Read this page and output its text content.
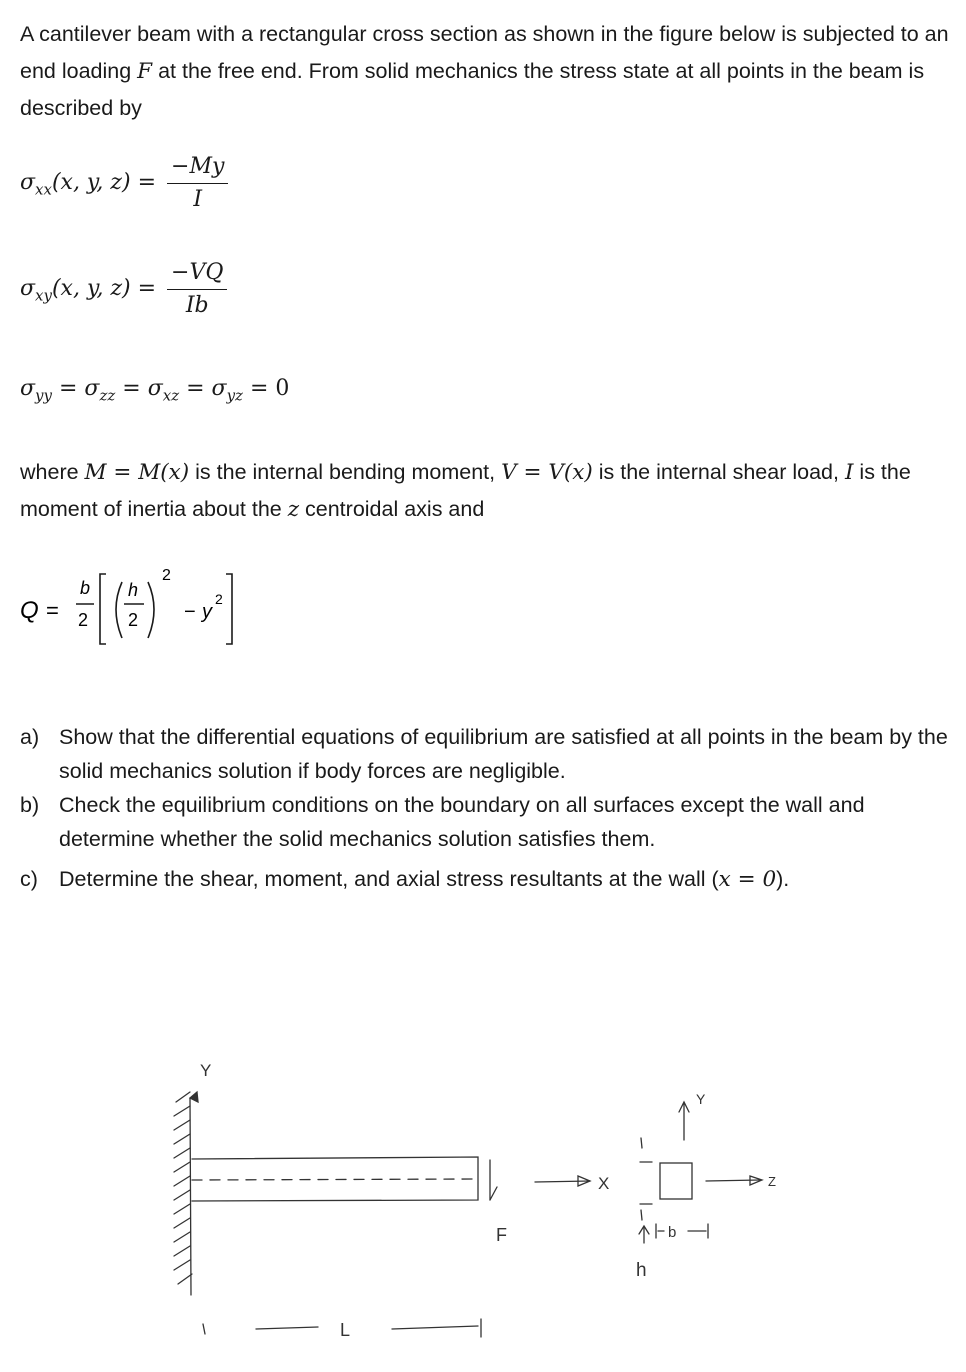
A cantilever beam with a rectangular cross section as shown in the figure below is subjected to an end loading F at the free end. From solid mechanics the stress state at all points in the beam is described by

$\sigma_{xx}(x$, y, $z) = \frac{-My}{I}$
$\sigma_{xy}(x$, y, $z) = \frac{-VQ}{Ib}$
$\sigma_{yy} = \sigma_{zz} = \sigma_{xz} = \sigma_{yz} = 0$

where M = M(x) is the internal bending moment, V = V(x) is the internal shear load, I is the moment of inertia about the z centroidal axis and

Q =
b
2
h
2
2
− y
2
a) Show that the differential equations of equilibrium are satisfied at all points in the beam by the solid mechanics solution if body forces are negligible.
b) Check the equilibrium conditions on the boundary on all surfaces except the wall and determine whether the solid mechanics solution satisfies them.
c) Determine the shear, moment, and axial stress resultants at the wall (x = 0).
Y
X
F
L
Y
Z
b
h
